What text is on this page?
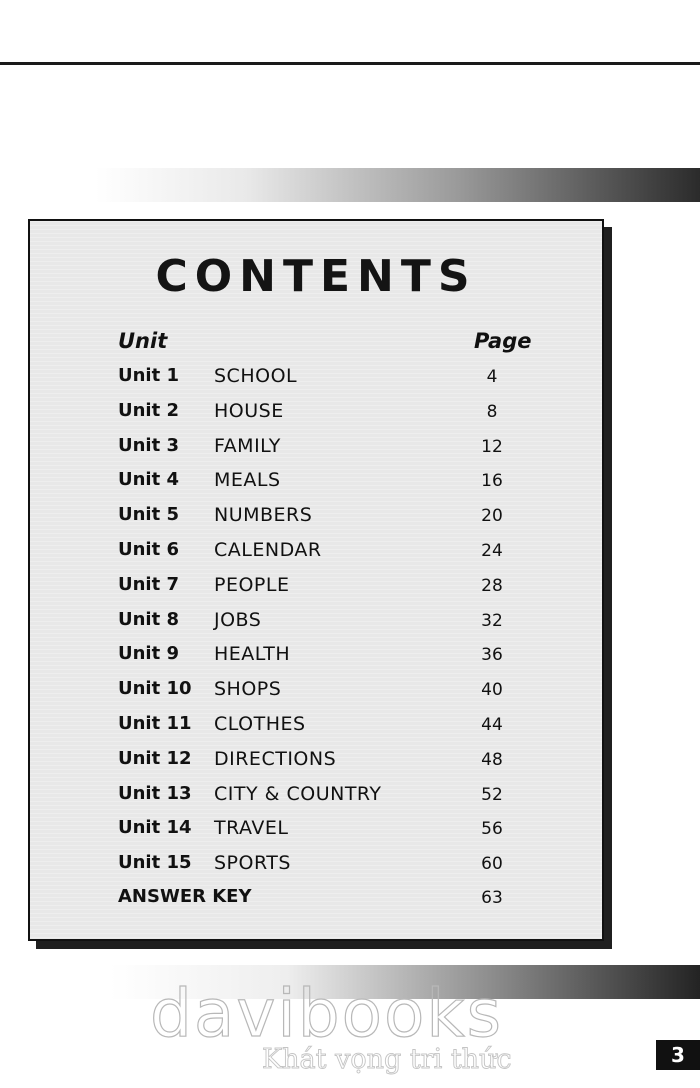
CONTENTS
Unit	Page
Unit 1 SCHOOL	4
Unit 2 HOUSE	8
Unit 3 FAMILY	12
Unit 4 MEALS	16
Unit 5 NUMBERS	20
Unit 6 CALENDAR	24
Unit 7 PEOPLE	28
Unit 8 JOBS	32
Unit 9 HEALTH	36
Unit 10 SHOPS	40
Unit 11 CLOTHES	44
Unit 12 DIRECTIONS	48
Unit 13 CITY & COUNTRY	52
Unit 14 TRAVEL	56
Unit 15 SPORTS	60
ANSWER KEY	63
davibooks
Khát vọng tri thức	3
